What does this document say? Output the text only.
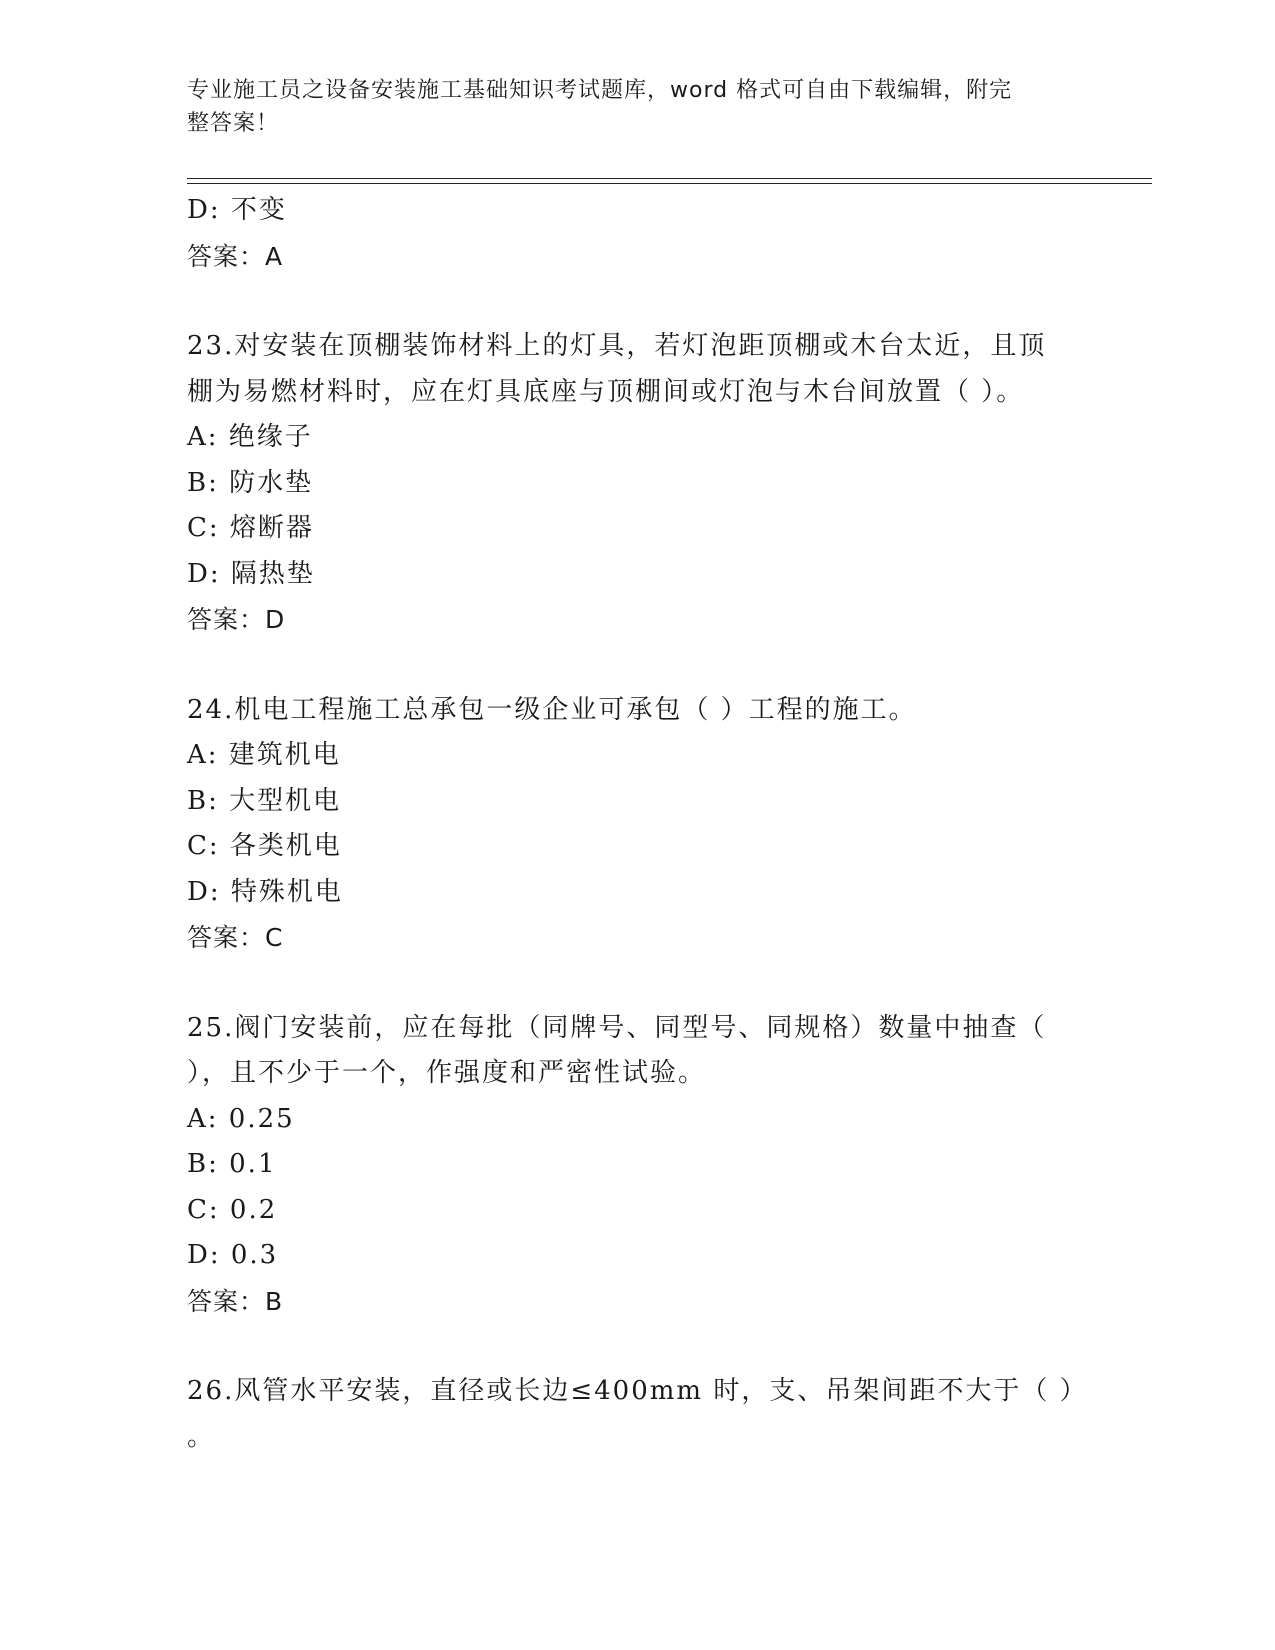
专业施工员之设备安装施工基础知识考试题库，word 格式可自由下载编辑，附完
整答案！
D: 不变
答案：A
23.对安装在顶棚装饰材料上的灯具，若灯泡距顶棚或木台太近，且顶
棚为易燃材料时，应在灯具底座与顶棚间或灯泡与木台间放置（ ）。
A: 绝缘子
B: 防水垫
C: 熔断器
D: 隔热垫
答案：D
24.机电工程施工总承包一级企业可承包（ ）工程的施工。
A: 建筑机电
B: 大型机电
C: 各类机电
D: 特殊机电
答案：C
25.阀门安装前，应在每批（同牌号、同型号、同规格）数量中抽查（
），且不少于一个，作强度和严密性试验。
A: 0.25
B: 0.1
C: 0.2
D: 0.3
答案：B
26.风管水平安装，直径或长边≤400mm 时，支、吊架间距不大于（ ）
。
